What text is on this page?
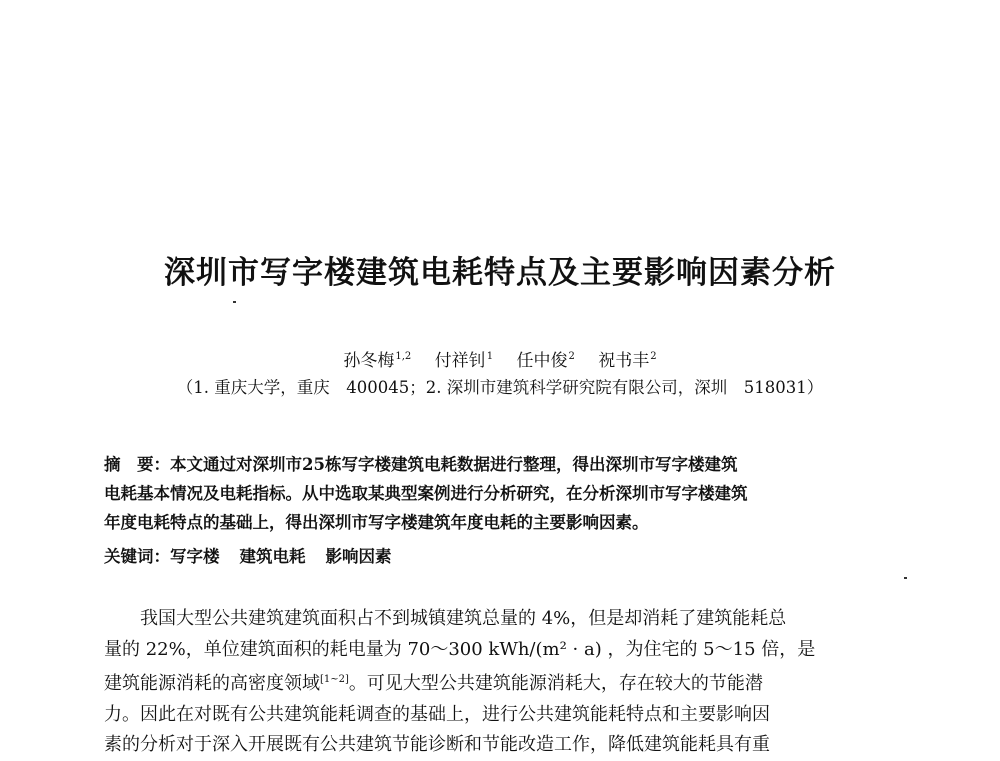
深圳市写字楼建筑电耗特点及主要影响因素分析
孙冬梅$^{1,2}$ 付祥钊$^1$ 任中俊$^2$ 祝书丰$^2$
（1. 重庆大学，重庆　400045；2. 深圳市建筑科学研究院有限公司，深圳　518031）
摘　要：本文通过对深圳市25栋写字楼建筑电耗数据进行整理，得出深圳市写字楼建筑
电耗基本情况及电耗指标。从中选取某典型案例进行分析研究，在分析深圳市写字楼建筑
年度电耗特点的基础上，得出深圳市写字楼建筑年度电耗的主要影响因素。
关键词：写字楼 建筑电耗 影响因素
　　我国大型公共建筑建筑面积占不到城镇建筑总量的 4%，但是却消耗了建筑能耗总
量的 22%，单位建筑面积的耗电量为 70～300 kWh/(m² · a) ，为住宅的 5～15 倍，是
建筑能源消耗的高密度领域[1~2]。可见大型公共建筑能源消耗大，存在较大的节能潜
力。因此在对既有公共建筑能耗调查的基础上，进行公共建筑能耗特点和主要影响因
素的分析对于深入开展既有公共建筑节能诊断和节能改造工作，降低建筑能耗具有重
